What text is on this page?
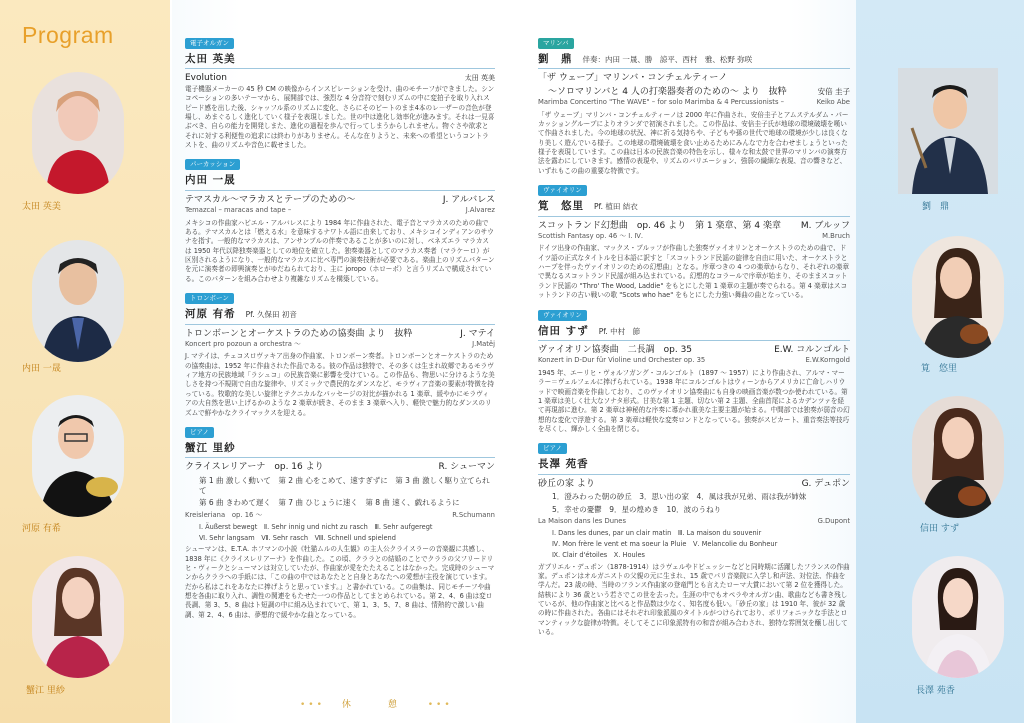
Program
太田 英美
内田 一晟
河原 有希
蟹江 里紗
劉　鼎
筧　悠里
信田 すず
長澤 苑香
電子オルガン
太田 英美
Evolution	太田 英美
電子機器メーカーの 45 秒 CM の映像からインスピレーションを受け、曲のモチーフができました。シンコペーションの多いテーマから、展開部では、強烈な 4 分音符で刻むリズムの中に変拍子を取り入れスピード感を出した後、シャッフル系のリズムに変化、さらにそのビートのまま4本のレ－ザーの音色が登場し、めまぐるしく進化していく様子を表現しました。世の中は進化し効率化が進みます。それは一見喜ぶべき、自らの能力を開発しまた、進化の過程を歩んで行ってしまうからしれません。物ぐさや欲求とそれに対する利便性の追求には終わりがありません。そんな在りようと、未来への希望というコントラストを、曲のリズムや音色に載せました。
パーカッション
内田 一晟
テマスカル～マラカスとテープのための～	J. アルバレス
Temazcal – maracas and tape –	J.Alvarez
メキシコの作曲家ハビエル・アルバレスにより 1984 年に作曲された、電子音とマラカスのための曲である。テマスカルとは「燃える水」を意味するナワトル語に由来しており、メキシコインディアンのサウナを指す。一般的なマラカスは、アンサンブルの伴奏であることが多いのに対し、ベネズエラ マラカスは 1950 年代以降独奏楽器としての地位を確立した。独奏楽器としてのマラカス奏者（マラケーロ）が区別されるようになり、一般的なマラカスに比べ専門の演奏技術が必要である。楽曲上のリズムパターンを元に演奏者の即興演奏とがゆだねられており、主に joropo（ホローポ）と言うリズムで構成されている。このパターンを組み合わせより複雑なリズムを構築している。
トロンボーン
河原 有希 Pf. 久保田 初音
トロンボーンとオーケストラのための協奏曲 より　抜粋	J. マテイ
Koncert pro pozoun a orchestra ～	J.Matěj
J. マテイは、チェコスロヴァキア出身の作曲家、トロンボーン奏者。トロンボーンとオーケストラのための協奏曲は、1952 年に作曲された作品である。彼の作品は独特で、その多くは生まれ故郷であるモラヴィア地方の民族地域「ラシュコ」の民族音楽に影響を受けている。この作品も、物思いに分けるような美しさを持つ不規則で自由な旋律や、リズミックで農民的なダンスなど、モラヴィア音楽の要素が特徴を持っている。牧歌的な美しい旋律とテクニカルなパッセージの対比が描かれる 1 楽章、緩やかにモラヴィアの大自然を思い上げるかのような 2 楽章が続き、そのまま 3 楽章へ入り、軽快で魅力的なダンスのリズムで鮮やかなクライマックスを迎える。
ピアノ
蟹江 里紗
クライスレリアーナ　op. 16 より	R. シューマン
第 1 曲 激しく動いて　第 2 曲 心をこめて、速すぎずに　第 3 曲 激しく駆り立てられて
第 6 曲 きわめて遅く　第 7 曲 ひじょうに速く　第 8 曲 速く、戯れるように
Kreisleriana　op. 16 ～	R.Schumann
Ⅰ. Äußerst bewegt　Ⅱ. Sehr innig und nicht zu rasch　Ⅲ. Sehr aufgeregt
Ⅵ. Sehr langsam　Ⅶ. Sehr rasch　Ⅷ. Schnell und spielend
シューマンは、E.T.A. ホフマンの小説《牡猫ムルの人生観》の主人公クライスラーの音楽観に共感し、1838 年に《クライスレリアーナ》を作曲した。この頃、クララとの結婚のことでクララの父フリードリヒ・ヴィークとシューマンは対立していたが、作曲家が愛をたたえることはなかった。完成時のシューマンからクララへの手紙には、「この曲の中ではあなたとと自身とあなたへの愛想が主役を演じています。だから私はこれをあなたに捧げようと思っています。」と書かれている。この曲集は、同じモチーフや曲想を各曲に取り入れ、調性の関連をもたせた一つの作品としてまとめられている。第 2、4、6 曲は変ロ長調、第 3、5、8 曲はト短調の中に組み込まれていて、第 1、3、5、7、8 曲は、情熱的で激しい曲調、第 2、4、6 曲は、夢想的で緩やかな曲となっている。
••• 休　憩 •••
マリンバ
劉　鼎 伴奏：内田 一晟、勝　諒平、西村　雅、松野 弥咲
「ザ ウェーブ」マリンバ・コンチェルティーノ
～ソロマリンバと 4 人の打楽器奏者のための～ より　抜粋	安倍 圭子
Marimba Concertino "The WAVE" – for solo Marimba & 4 Percussionists –	Keiko Abe
「ザ ウェーブ」マリンバ・コンチェルティーノは 2000 年に作曲され、安倍圭子とアムステルダム・パーカッショングループによりオランダで初演されました。この作品は、安倍圭子氏が地球の環境破壊を嘆いて作曲されました。今の地球の状況、神に祈る気持ちや、子どもや孫の世代で地球の環境が少しは良くなり美しく遊んでいる様子。この地球の環境破壊を食い止めるためにみんなで力を合わせましょうといった様子を表現しています。この曲は日本の民族音楽の特色を示し、様々な和太鼓で世界のマリンバの演奏方法を露わにしていきます。感情の表現や、リズムのバリエーション、強弱の繊細な表現、音の響きなど、いずれもこの曲の重要な特徴です。
ヴァイオリン
筧　悠里 Pf. 植田 結衣
スコットランド幻想曲　op. 46 より　第 1 楽章、第 4 楽章 M. ブルッフ
Scottish Fantasy op. 46 ～ Ⅰ. Ⅳ.	M.Bruch
ドイツ出身の作曲家、マックス・ブルッフが作曲した独奏ヴァイオリンとオーケストラのための曲で、ドイツ語の正式なタイトルを日本語に訳すと「スコットランド民謡の旋律を自由に用いた、オーケストラとハープを伴ったヴァイオリンのための幻想曲」となる。序章つきの 4 つの楽章からなり、それぞれの楽章で異なるスコットランド民謡が組み込まれている。幻想的なコラールで序章が始まり、そのままスコットランド民謡の "Thro' The Wood, Laddie" をもとにした第 1 楽章の主題が奏でられる。第 4 楽章はスコットランドの古い戦いの歌 "Scots who hae" をもとにした力強い舞曲の曲となっている。
ヴァイオリン
信田 すず Pf. 中村　節
ヴァイオリン協奏曲　二長調　op. 35	E.W. コルンゴルト
Konzert in D-Dur für Violine und Orchester op. 35	E.W.Korngold
1945 年、エーリヒ・ヴォルフガング・コルンゴルト（1897 ～ 1957）により作曲され、アルマ・マーラー＝ヴェルフェルに捧げられている。1938 年にコルンゴルトはウィーンからアメリカに亡命しハリウッドで映画音楽を作曲しており、このヴァイオリン協奏曲にも自身の映画音楽が数つか使われている。第 1 楽章は美しく壮大なソナタ形式。甘美な第 1 主題、切ない第 2 主題、全曲首尾によるカデンツァを経て再現部に進む。第 2 楽章は神秘的な序奏に導かれ重美な主要主題が始まる。中間部では独奏が弱音の幻想的な変化で浮遊する。第 3 楽章は軽快な変奏ロンドとなっている。独奏がスピカート、重音奏法等技巧を尽くし、輝かしく全曲を閉じる。
ピアノ
長澤 苑香
砂丘の家 より	G. デュポン
1．澄みわった朝の砂丘　3．思い出の家　4．風は我が兄弟、雨は我が姉妹
5．幸せの憂鬱　9．星の煌めき　10．波のうねり
La Maison dans les Dunes	G.Dupont
Ⅰ. Dans les dunes, par un clair matin　Ⅲ. La maison du souvenir
Ⅳ. Mon frère le vent et ma soeur la Pluie　Ⅴ. Melancolie du Bonheur
Ⅸ. Clair d'étoiles　Ⅹ. Houles
ガブリエル・デュポン（1878‐1914）はラヴェルやドビュッシーなどと同時期に活躍したフランスの作曲家。デュポンはオルガニストの父親の元に生まれ、15 歳でパリ音楽院に入学し和声法、対位法、作曲を学んだ。23 歳の時、当時のフランス作曲家の登竜門とも言えたローマ大賞において第 2 位を獲得した。結核により 36 歳という若さでこの世を去った。生涯の中でもオペラやオルガン曲、歌曲なども書き残しているが、他の作曲家と比べると作品数は少なく、知名度も低い。「砂丘の家」は 1910 年、彼が 32 歳の時に作曲された。各曲にはそれぞれ印象派風のタイトルがつけられており、ポリフォニックな手法とロマンティックな旋律が特徴。そしてそこに印象派特有の和音が組み合わされ、独特な雰囲気を醸し出している。
